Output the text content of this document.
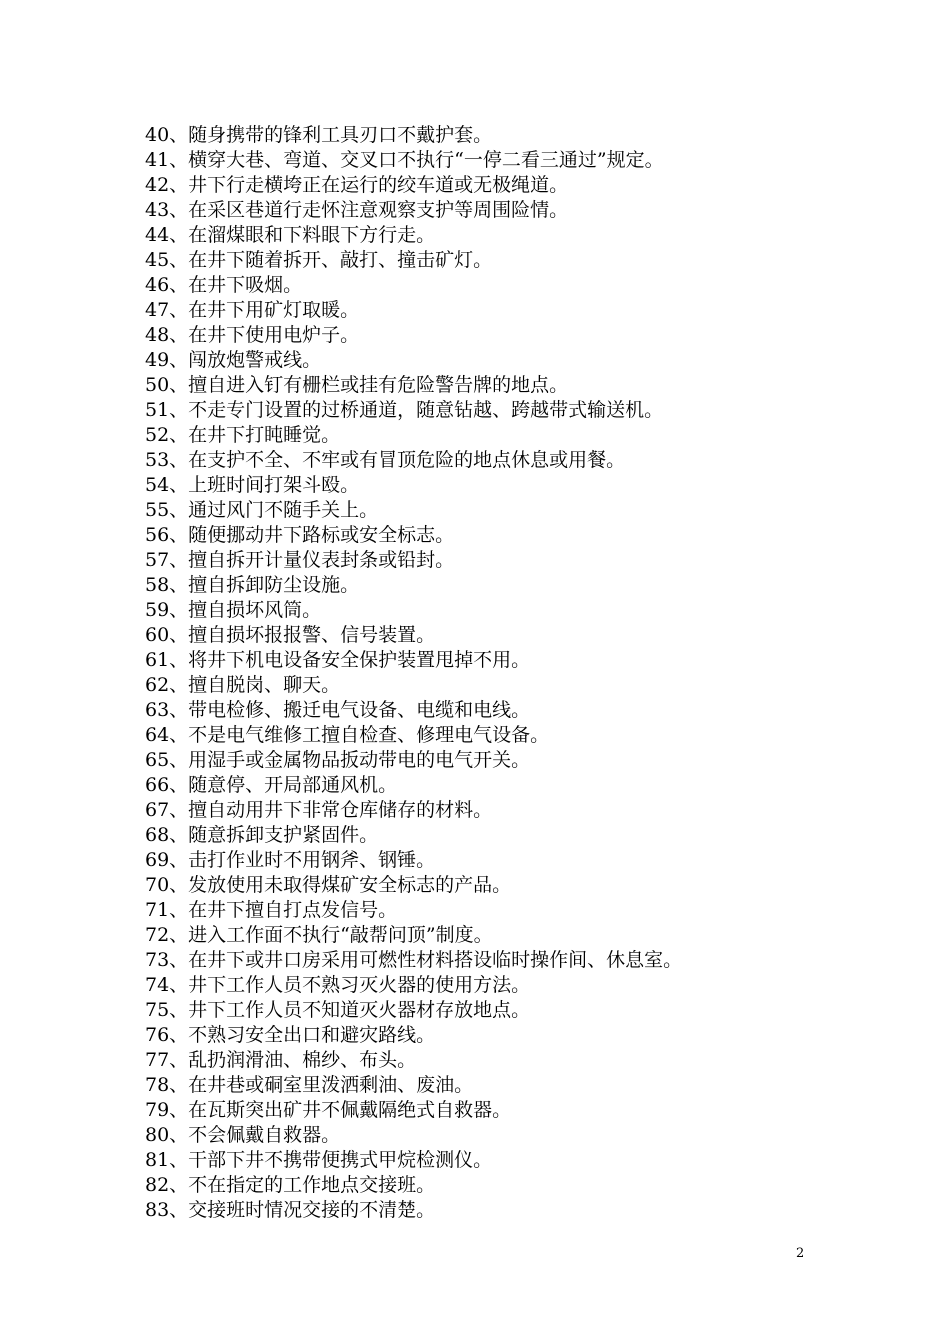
40、随身携带的锋利工具刃口不戴护套。
41、横穿大巷、弯道、交叉口不执行“一停二看三通过”规定。
42、井下行走横垮正在运行的绞车道或无极绳道。
43、在采区巷道行走怀注意观察支护等周围险情。
44、在溜煤眼和下料眼下方行走。
45、在井下随着拆开、敲打、撞击矿灯。
46、在井下吸烟。
47、在井下用矿灯取暖。
48、在井下使用电炉子。
49、闯放炮警戒线。
50、擅自进入钉有栅栏或挂有危险警告牌的地点。
51、不走专门设置的过桥通道，随意钻越、跨越带式输送机。
52、在井下打盹睡觉。
53、在支护不全、不牢或有冒顶危险的地点休息或用餐。
54、上班时间打架斗殴。
55、通过风门不随手关上。
56、随便挪动井下路标或安全标志。
57、擅自拆开计量仪表封条或铅封。
58、擅自拆卸防尘设施。
59、擅自损坏风筒。
60、擅自损坏报报警、信号装置。
61、将井下机电设备安全保护装置甩掉不用。
62、擅自脱岗、聊天。
63、带电检修、搬迁电气设备、电缆和电线。
64、不是电气维修工擅自检查、修理电气设备。
65、用湿手或金属物品扳动带电的电气开关。
66、随意停、开局部通风机。
67、擅自动用井下非常仓库储存的材料。
68、随意拆卸支护紧固件。
69、击打作业时不用钢斧、钢锤。
70、发放使用未取得煤矿安全标志的产品。
71、在井下擅自打点发信号。
72、进入工作面不执行“敲帮问顶”制度。
73、在井下或井口房采用可燃性材料搭设临时操作间、休息室。
74、井下工作人员不熟习灭火器的使用方法。
75、井下工作人员不知道灭火器材存放地点。
76、不熟习安全出口和避灾路线。
77、乱扔润滑油、棉纱、布头。
78、在井巷或硐室里泼洒剩油、废油。
79、在瓦斯突出矿井不佩戴隔绝式自救器。
80、不会佩戴自救器。
81、干部下井不携带便携式甲烷检测仪。
82、不在指定的工作地点交接班。
83、交接班时情况交接的不清楚。
2
